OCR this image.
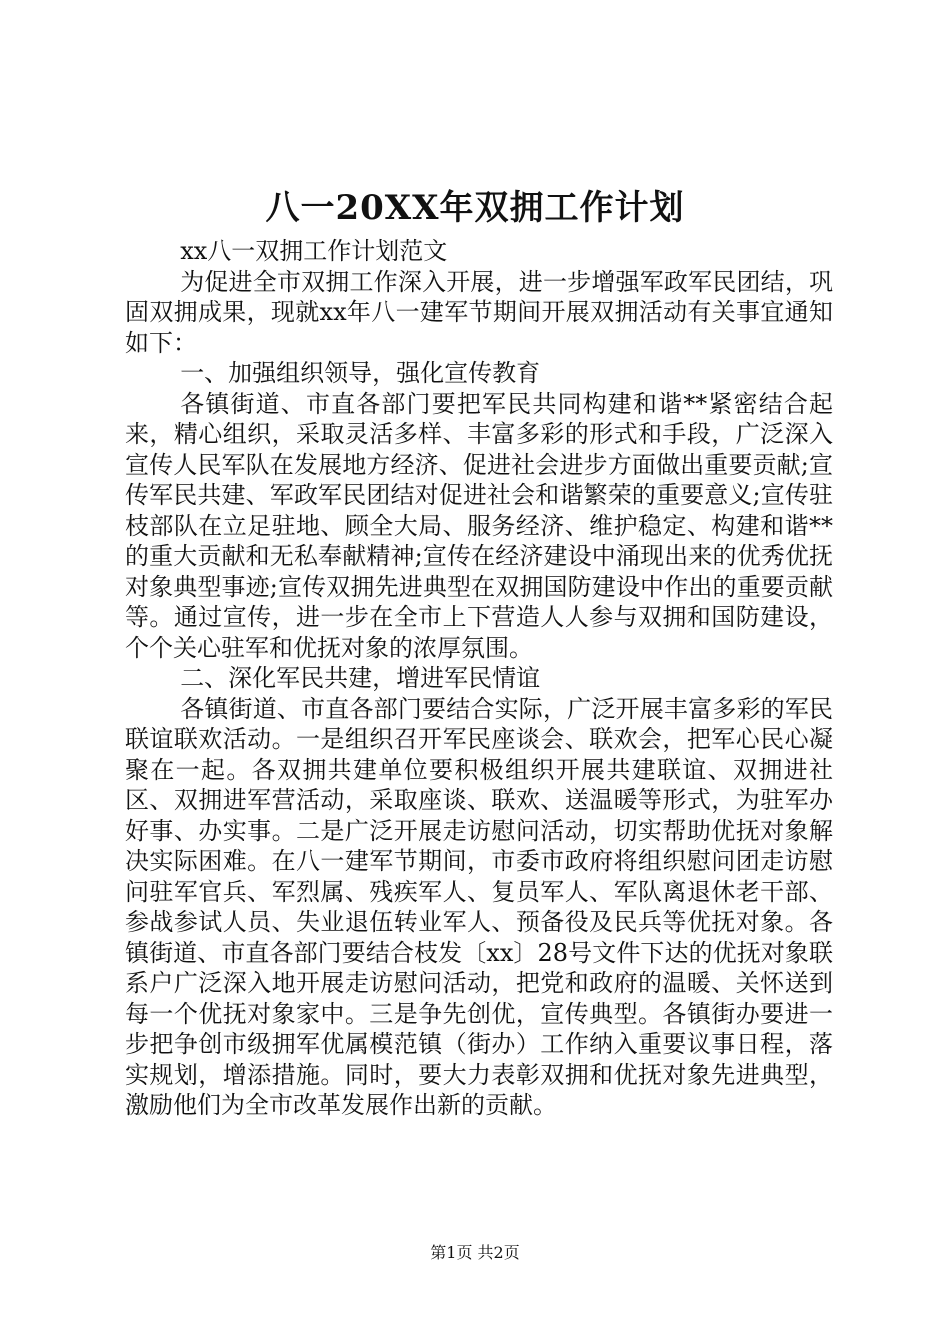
八一20XX年双拥工作计划

xx八一双拥工作计划范文

为促进全市双拥工作深入开展，进一步增强军政军民团结，巩固双拥成果，现就xx年八一建军节期间开展双拥活动有关事宜通知如下：

一、加强组织领导，强化宣传教育

各镇街道、市直各部门要把军民共同构建和谐**紧密结合起来，精心组织，采取灵活多样、丰富多彩的形式和手段，广泛深入宣传人民军队在发展地方经济、促进社会进步方面做出重要贡献;宣传军民共建、军政军民团结对促进社会和谐繁荣的重要意义;宣传驻枝部队在立足驻地、顾全大局、服务经济、维护稳定、构建和谐**的重大贡献和无私奉献精神;宣传在经济建设中涌现出来的优秀优抚对象典型事迹;宣传双拥先进典型在双拥国防建设中作出的重要贡献等。通过宣传，进一步在全市上下营造人人参与双拥和国防建设，个个关心驻军和优抚对象的浓厚氛围。

二、深化军民共建，增进军民情谊

各镇街道、市直各部门要结合实际，广泛开展丰富多彩的军民联谊联欢活动。一是组织召开军民座谈会、联欢会，把军心民心凝聚在一起。各双拥共建单位要积极组织开展共建联谊、双拥进社区、双拥进军营活动，采取座谈、联欢、送温暖等形式，为驻军办好事、办实事。二是广泛开展走访慰问活动，切实帮助优抚对象解决实际困难。在八一建军节期间，市委市政府将组织慰问团走访慰问驻军官兵、军烈属、残疾军人、复员军人、军队离退休老干部、参战参试人员、失业退伍转业军人、预备役及民兵等优抚对象。各镇街道、市直各部门要结合枝发〔xx〕28号文件下达的优抚对象联系户广泛深入地开展走访慰问活动，把党和政府的温暖、关怀送到每一个优抚对象家中。三是争先创优，宣传典型。各镇街办要进一步把争创市级拥军优属模范镇（街办）工作纳入重要议事日程，落实规划，增添措施。同时，要大力表彰双拥和优抚对象先进典型，激励他们为全市改革发展作出新的贡献。

第1页 共2页
